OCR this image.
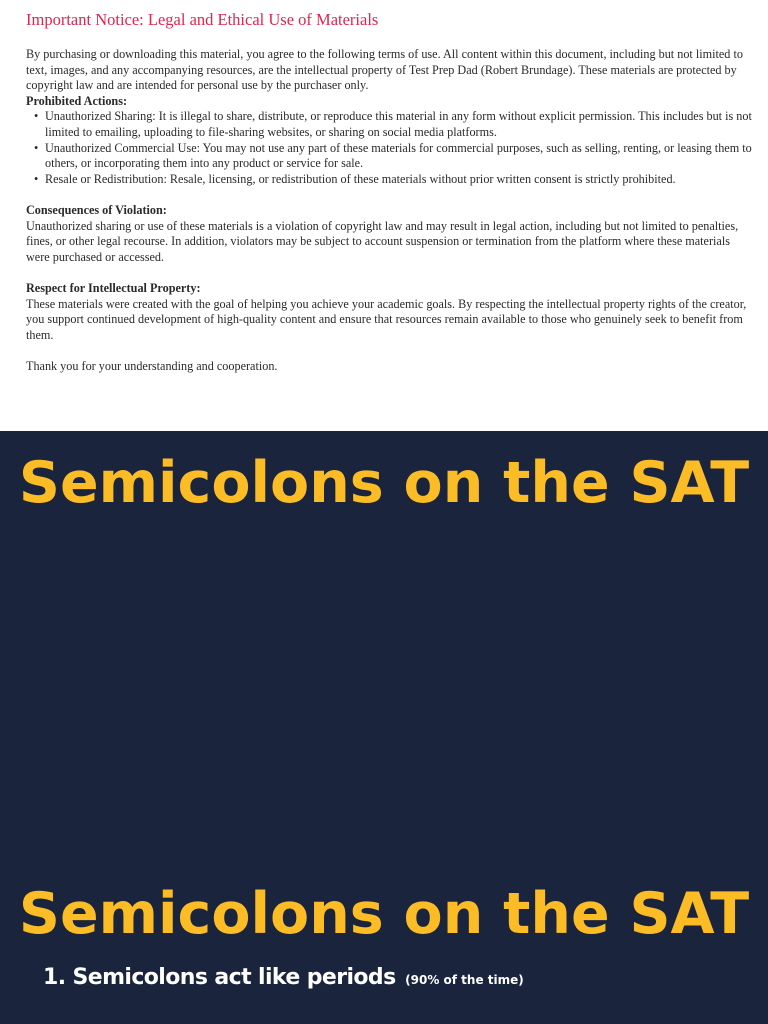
Important Notice: Legal and Ethical Use of Materials

By purchasing or downloading this material, you agree to the following terms of use. All content within this document, including but not limited to text, images, and any accompanying resources, are the intellectual property of Test Prep Dad (Robert Brundage). These materials are protected by copyright law and are intended for personal use by the purchaser only.

Prohibited Actions:

• Unauthorized Sharing: It is illegal to share, distribute, or reproduce this material in any form without explicit permission. This includes but is not limited to emailing, uploading to file-sharing websites, or sharing on social media platforms.
• Unauthorized Commercial Use: You may not use any part of these materials for commercial purposes, such as selling, renting, or leasing them to others, or incorporating them into any product or service for sale.
• Resale or Redistribution: Resale, licensing, or redistribution of these materials without prior written consent is strictly prohibited.

Consequences of Violation:

Unauthorized sharing or use of these materials is a violation of copyright law and may result in legal action, including but not limited to penalties, fines, or other legal recourse. In addition, violators may be subject to account suspension or termination from the platform where these materials were purchased or accessed.

Respect for Intellectual Property:

These materials were created with the goal of helping you achieve your academic goals. By respecting the intellectual property rights of the creator, you support continued development of high-quality content and ensure that resources remain available to those who genuinely seek to benefit from them.

Thank you for your understanding and cooperation.

Semicolons on the SAT
Semicolons on the SAT
1. Semicolons act like periods (90% of the time)
